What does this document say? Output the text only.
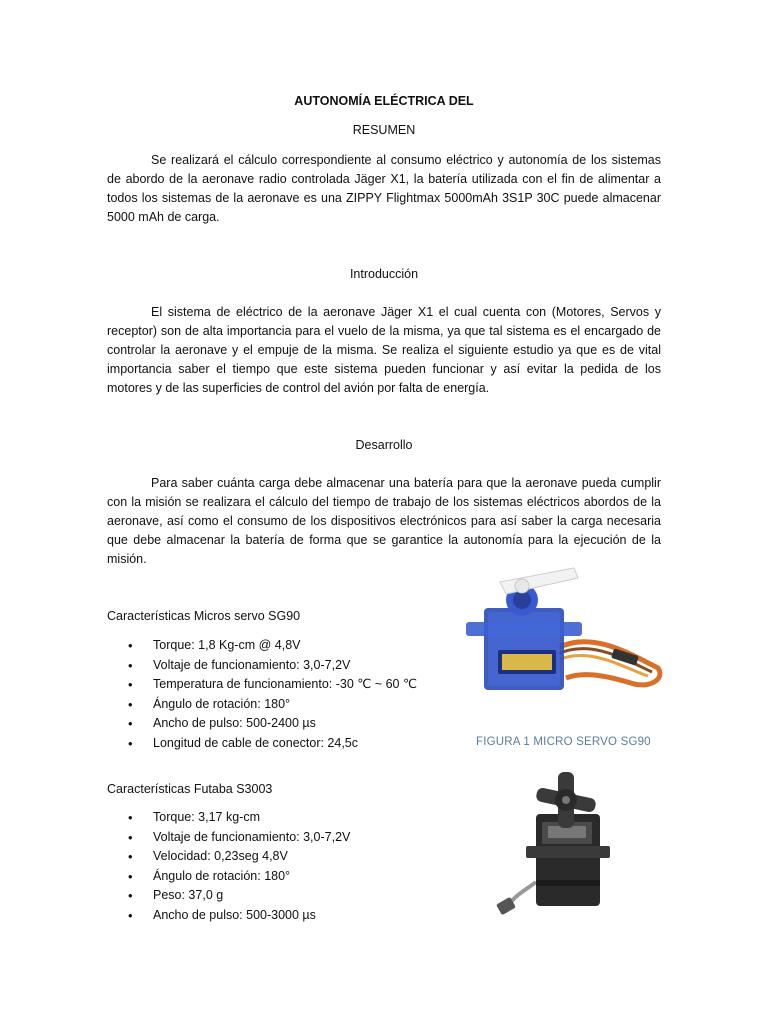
AUTONOMÍA ELÉCTRICA DEL
RESUMEN

Se realizará el cálculo correspondiente al consumo eléctrico y autonomía de los sistemas de abordo de la aeronave radio controlada Jäger X1, la batería utilizada con el fin de alimentar a todos los sistemas de la aeronave es una ZIPPY Flightmax 5000mAh 3S1P 30C puede almacenar 5000 mAh de carga.

Introducción

El sistema de eléctrico de la aeronave Jäger X1 el cual cuenta con (Motores, Servos y receptor) son de alta importancia para el vuelo de la misma, ya que tal sistema es el encargado de controlar la aeronave y el empuje de la misma. Se realiza el siguiente estudio ya que es de vital importancia saber el tiempo que este sistema pueden funcionar y así evitar la pedida de los motores y de las superficies de control del avión por falta de energía.

Desarrollo

Para saber cuánta carga debe almacenar una batería para que la aeronave pueda cumplir con la misión se realizara el cálculo del tiempo de trabajo de los sistemas eléctricos abordos de la aeronave, así como el consumo de los dispositivos electrónicos para así saber la carga necesaria que debe almacenar la batería de forma que se garantice la autonomía para la ejecución de la misión.

Características Micros servo SG90
• Torque: 1,8 Kg-cm @ 4,8V
• Voltaje de funcionamiento: 3,0-7,2V
• Temperatura de funcionamiento: -30 ℃ ~ 60 ℃
• Ángulo de rotación: 180°
• Ancho de pulso: 500-2400 µs
• Longitud de cable de conector: 24,5c	FIGURA 1 MICRO SERVO SG90
Características Futaba S3003
• Torque: 3,17 kg-cm
• Voltaje de funcionamiento: 3,0-7,2V
• Velocidad: 0,23seg 4,8V
• Ángulo de rotación: 180°
• Peso: 37,0 g
• Ancho de pulso: 500-3000 µs
